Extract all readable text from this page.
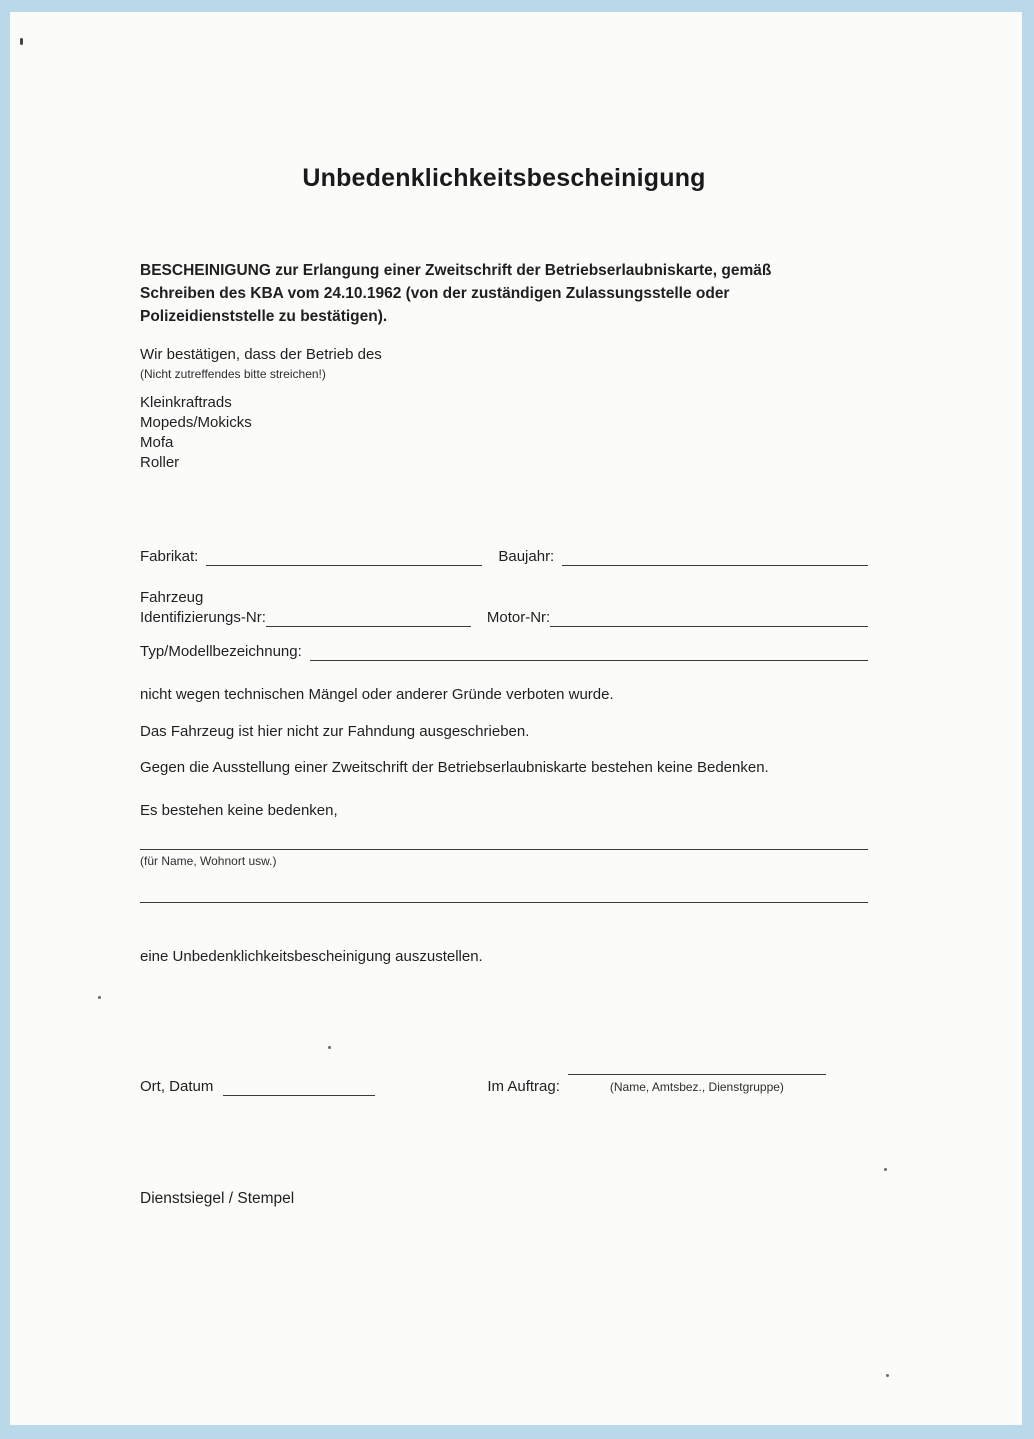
Unbedenklichkeitsbescheinigung

BESCHEINIGUNG zur Erlangung einer Zweitschrift der Betriebserlaubniskarte, gemäß Schreiben des KBA vom 24.10.1962 (von der zuständigen Zulassungsstelle oder Polizeidienststelle zu bestätigen).

Wir bestätigen, dass der Betrieb des

(Nicht zutreffendes bitte streichen!)

Kleinkraftrads
Mopeds/Mokicks
Mofa
Roller
Fabrikat:	Baujahr:

Fahrzeug

Identifizierungs-Nr:	Motor-Nr:
Typ/Modellbezeichnung:

nicht wegen technischen Mängel oder anderer Gründe verboten wurde.

Das Fahrzeug ist hier nicht zur Fahndung ausgeschrieben.

Gegen die Ausstellung einer Zweitschrift der Betriebserlaubniskarte bestehen keine Bedenken.

Es bestehen keine bedenken,

(für Name, Wohnort usw.)

eine Unbedenklichkeitsbescheinigung auszustellen.

Ort, Datum	Im Auftrag:	(Name, Amtsbez., Dienstgruppe)

Dienstsiegel / Stempel
